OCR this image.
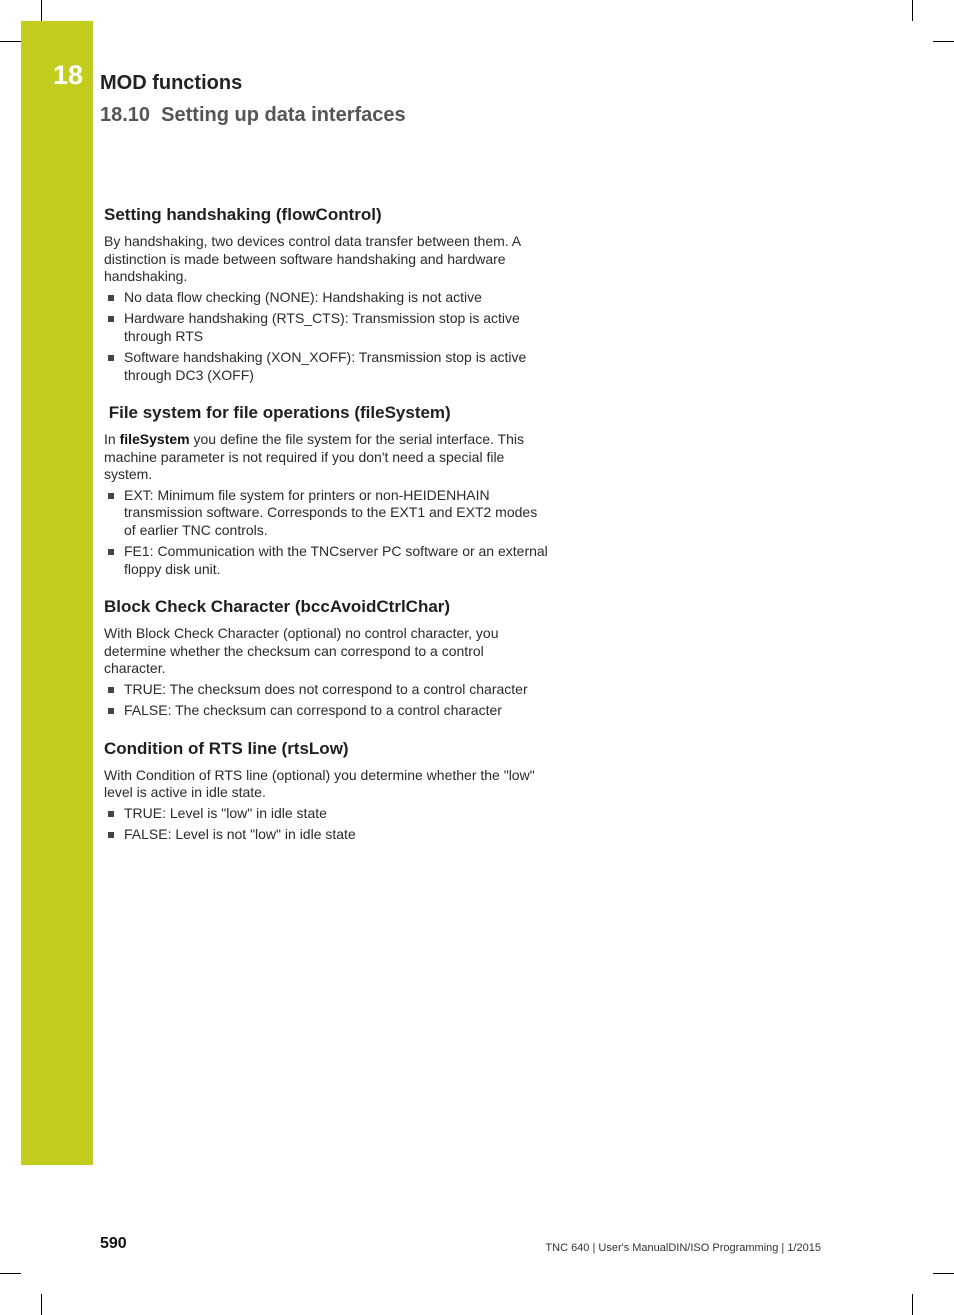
18 MOD functions
18.10  Setting up data interfaces
Setting handshaking (flowControl)

By handshaking, two devices control data transfer between them. A distinction is made between software handshaking and hardware handshaking.

No data flow checking (NONE): Handshaking is not active
Hardware handshaking (RTS_CTS): Transmission stop is active through RTS
Software handshaking (XON_XOFF): Transmission stop is active through DC3 (XOFF)
File system for file operations (fileSystem)

In fileSystem you define the file system for the serial interface. This machine parameter is not required if you don't need a special file system.

EXT: Minimum file system for printers or non-HEIDENHAIN transmission software. Corresponds to the EXT1 and EXT2 modes of earlier TNC controls.
FE1: Communication with the TNCserver PC software or an external floppy disk unit.
Block Check Character (bccAvoidCtrlChar)

With Block Check Character (optional) no control character, you determine whether the checksum can correspond to a control character.

TRUE: The checksum does not correspond to a control character
FALSE: The checksum can correspond to a control character
Condition of RTS line (rtsLow)

With Condition of RTS line (optional) you determine whether the "low" level is active in idle state.

TRUE: Level is "low" in idle state
FALSE: Level is not "low" in idle state
590	TNC 640 | User's ManualDIN/ISO Programming | 1/2015
